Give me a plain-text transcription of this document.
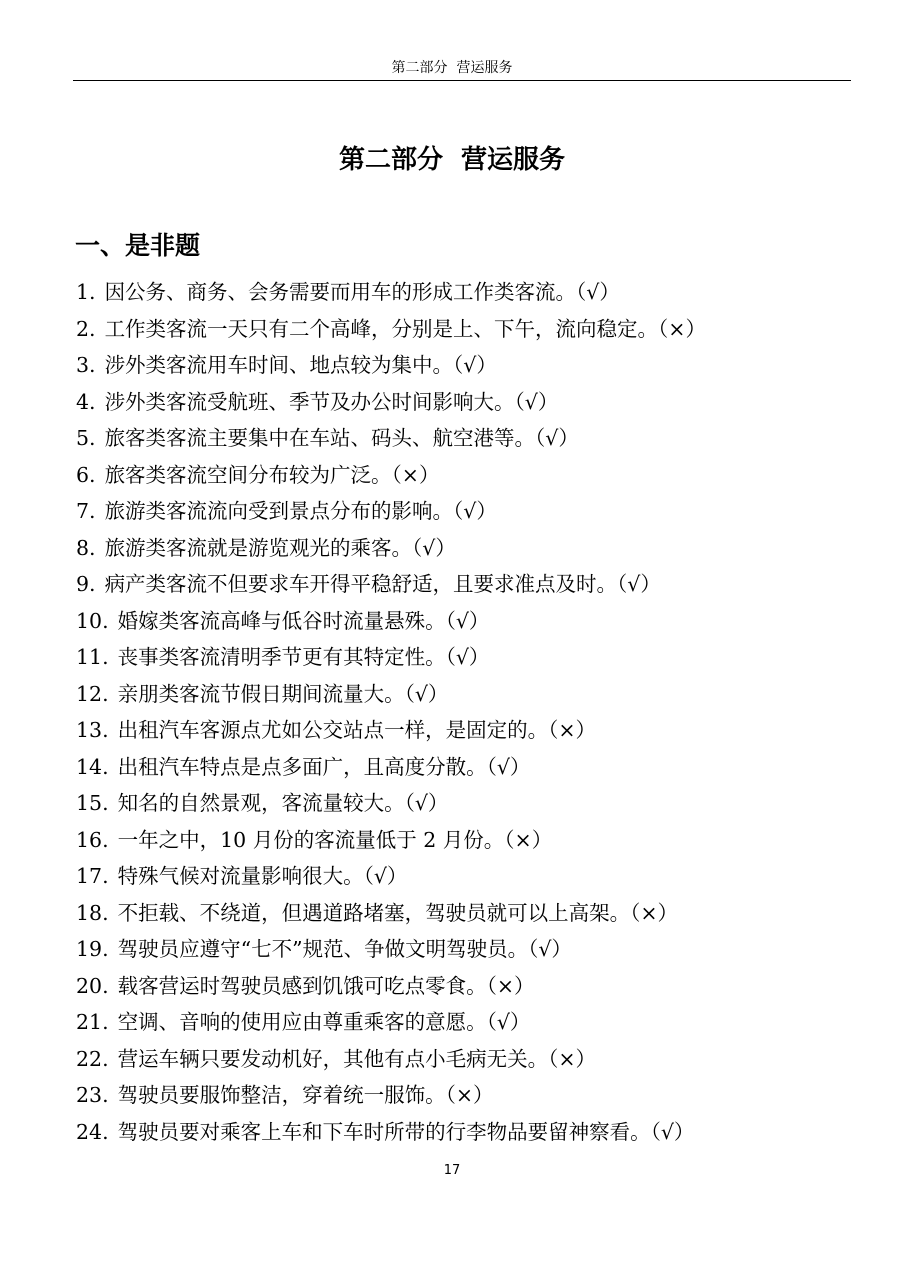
第二部分  营运服务
第二部分  营运服务
一、是非题
1. 因公务、商务、会务需要而用车的形成工作类客流。（√）
2. 工作类客流一天只有二个高峰，分别是上、下午，流向稳定。（×）
3. 涉外类客流用车时间、地点较为集中。（√）
4. 涉外类客流受航班、季节及办公时间影响大。（√）
5. 旅客类客流主要集中在车站、码头、航空港等。（√）
6. 旅客类客流空间分布较为广泛。（×）
7. 旅游类客流流向受到景点分布的影响。（√）
8. 旅游类客流就是游览观光的乘客。（√）
9. 病产类客流不但要求车开得平稳舒适，且要求准点及时。（√）
10. 婚嫁类客流高峰与低谷时流量悬殊。（√）
11. 丧事类客流清明季节更有其特定性。（√）
12. 亲朋类客流节假日期间流量大。（√）
13. 出租汽车客源点尤如公交站点一样，是固定的。（×）
14. 出租汽车特点是点多面广，且高度分散。（√）
15. 知名的自然景观，客流量较大。（√）
16. 一年之中，10 月份的客流量低于 2 月份。（×）
17. 特殊气候对流量影响很大。（√）
18. 不拒载、不绕道，但遇道路堵塞，驾驶员就可以上高架。（×）
19. 驾驶员应遵守“七不”规范、争做文明驾驶员。（√）
20. 载客营运时驾驶员感到饥饿可吃点零食。（×）
21. 空调、音响的使用应由尊重乘客的意愿。（√）
22. 营运车辆只要发动机好，其他有点小毛病无关。（×）
23. 驾驶员要服饰整洁，穿着统一服饰。（×）
24. 驾驶员要对乘客上车和下车时所带的行李物品要留神察看。（√）
17
